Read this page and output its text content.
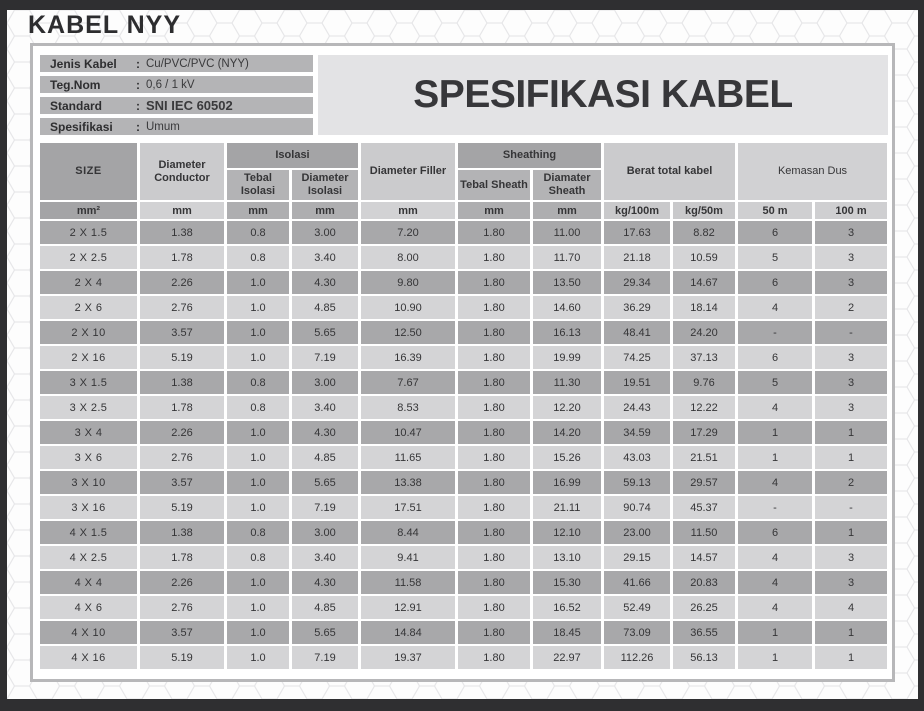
KABEL NYY
Jenis Kabel	: Cu/PVC/PVC (NYY)
Teg.Nom	: 0,6 / 1 kV
Standard	: SNI IEC 60502
Spesifikasi	: Umum
SPESIFIKASI KABEL
SIZE	Diameter Conductor	Isolasi		Diameter Filler	Sheathing		Berat total kabel		Kemasan Dus	
		Tebal Isolasi	Diameter Isolasi		Tebal Sheath	Diamater Sheath				
mm²	mm	mm	mm	mm	mm	mm	kg/100m	kg/50m	50 m	100 m
2 X 1.5	1.38	0.8	3.00	7.20	1.80	11.00	17.63	8.82	6	3
2 X 2.5	1.78	0.8	3.40	8.00	1.80	11.70	21.18	10.59	5	3
2 X 4	2.26	1.0	4.30	9.80	1.80	13.50	29.34	14.67	6	3
2 X 6	2.76	1.0	4.85	10.90	1.80	14.60	36.29	18.14	4	2
2 X 10	3.57	1.0	5.65	12.50	1.80	16.13	48.41	24.20	-	-
2 X 16	5.19	1.0	7.19	16.39	1.80	19.99	74.25	37.13	6	3
3 X 1.5	1.38	0.8	3.00	7.67	1.80	11.30	19.51	9.76	5	3
3 X 2.5	1.78	0.8	3.40	8.53	1.80	12.20	24.43	12.22	4	3
3 X 4	2.26	1.0	4.30	10.47	1.80	14.20	34.59	17.29	1	1
3 X 6	2.76	1.0	4.85	11.65	1.80	15.26	43.03	21.51	1	1
3 X 10	3.57	1.0	5.65	13.38	1.80	16.99	59.13	29.57	4	2
3 X 16	5.19	1.0	7.19	17.51	1.80	21.11	90.74	45.37	-	-
4 X 1.5	1.38	0.8	3.00	8.44	1.80	12.10	23.00	11.50	6	1
4 X 2.5	1.78	0.8	3.40	9.41	1.80	13.10	29.15	14.57	4	3
4 X 4	2.26	1.0	4.30	11.58	1.80	15.30	41.66	20.83	4	3
4 X 6	2.76	1.0	4.85	12.91	1.80	16.52	52.49	26.25	4	4
4 X 10	3.57	1.0	5.65	14.84	1.80	18.45	73.09	36.55	1	1
4 X 16	5.19	1.0	7.19	19.37	1.80	22.97	112.26	56.13	1	1
